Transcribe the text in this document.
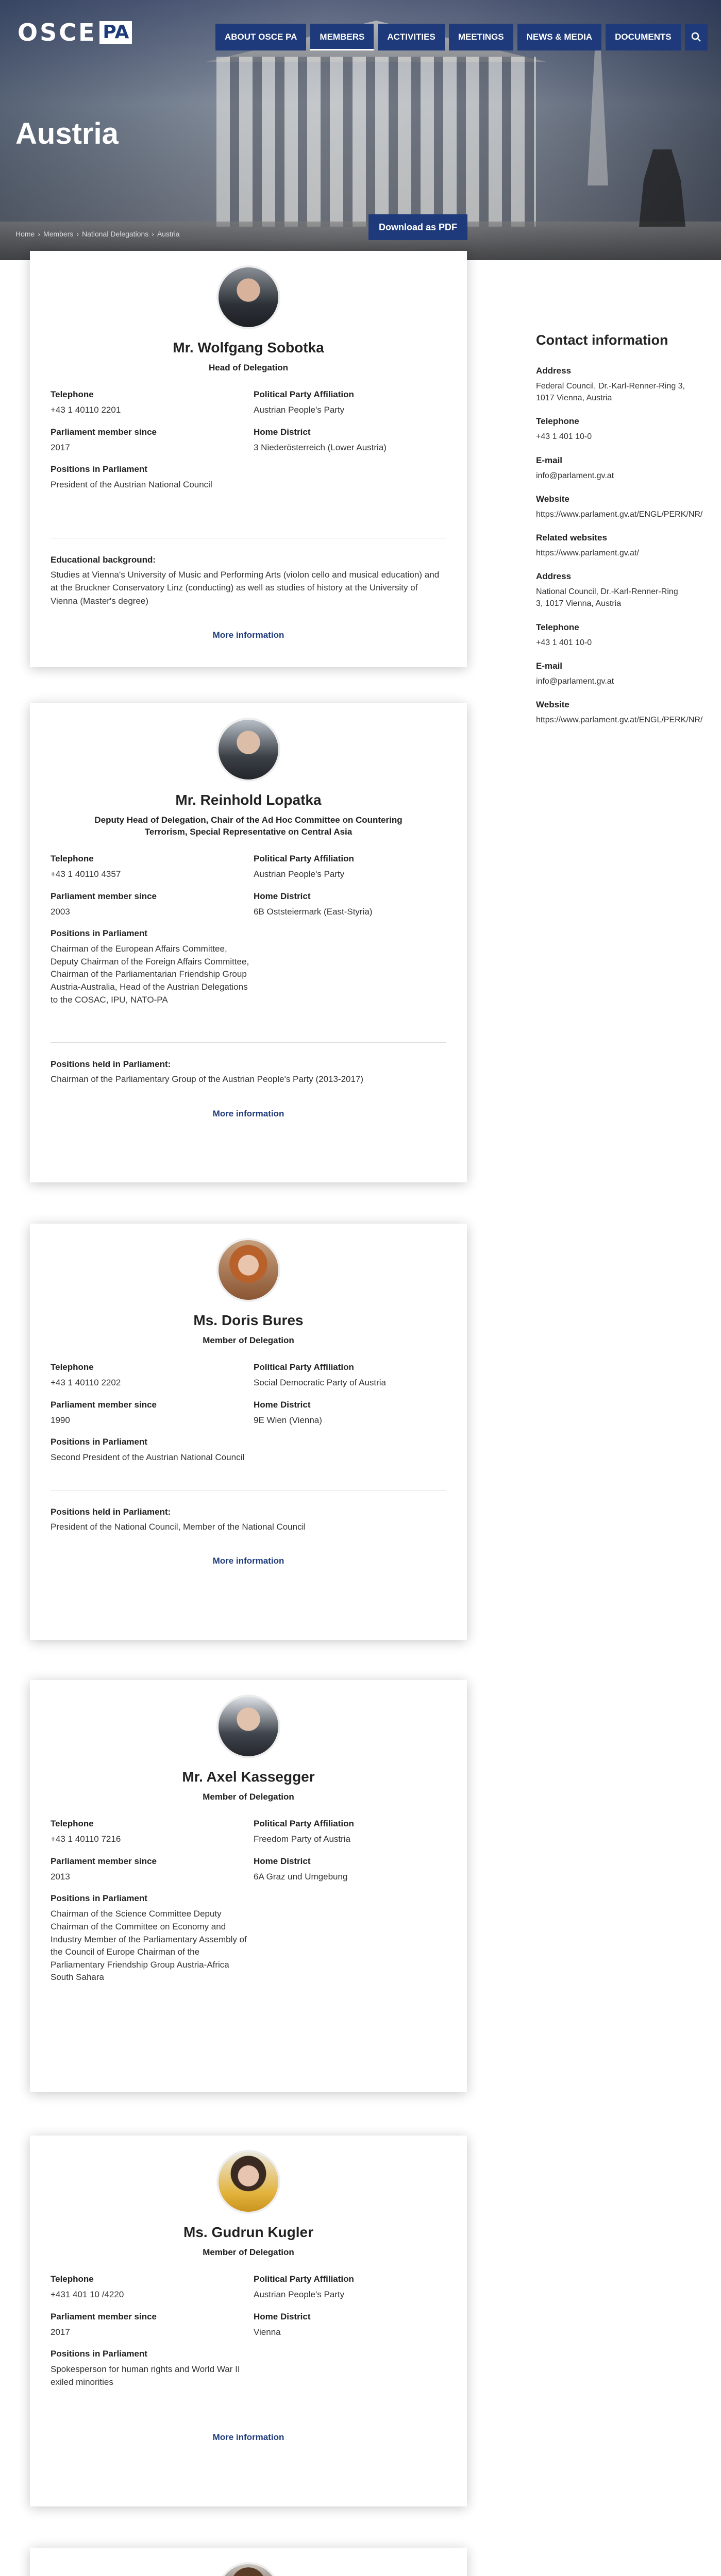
OSCE PA	ABOUT OSCE PA	MEMBERS	ACTIVITIES	MEETINGS	NEWS & MEDIA	DOCUMENTS
Austria
Home › Members › National Delegations › Austria
Download as PDF
Mr. Wolfgang Sobotka
Head of Delegation
Telephone
+43 1 40110 2201
Political Party Affiliation
Austrian People's Party
Parliament member since
2017
Home District
3 Niederösterreich (Lower Austria)
Positions in Parliament
President of the Austrian National Council
Educational background:
Studies at Vienna's University of Music and Performing Arts (violon cello and musical education) and at the Bruckner Conservatory Linz (conducting) as well as studies of history at the University of Vienna (Master's degree)
More information
Mr. Reinhold Lopatka
Deputy Head of Delegation, Chair of the Ad Hoc Committee on Countering Terrorism, Special Representative on Central Asia
Telephone
+43 1 40110 4357
Political Party Affiliation
Austrian People's Party
Parliament member since
2003
Home District
6B Oststeiermark (East-Styria)
Positions in Parliament
Chairman of the European Affairs Committee, Deputy Chairman of the Foreign Affairs Committee, Chairman of the Parliamentarian Friendship Group Austria-Australia, Head of the Austrian Delegations to the COSAC, IPU, NATO-PA
Positions held in Parliament:
Chairman of the Parliamentary Group of the Austrian People's Party (2013-2017)
More information
Ms. Doris Bures
Member of Delegation
Telephone
+43 1 40110 2202
Political Party Affiliation
Social Democratic Party of Austria
Parliament member since
1990
Home District
9E Wien (Vienna)
Positions in Parliament
Second President of the Austrian National Council
Positions held in Parliament:
President of the National Council, Member of the National Council
More information
Mr. Axel Kassegger
Member of Delegation
Telephone
+43 1 40110 7216
Political Party Affiliation
Freedom Party of Austria
Parliament member since
2013
Home District
6A Graz und Umgebung
Positions in Parliament
Chairman of the Science Committee Deputy Chairman of the Committee on Economy and Industry Member of the Parliamentary Assembly of the Council of Europe Chairman of the Parliamentary Friendship Group Austria-Africa South Sahara
Ms. Gudrun Kugler
Member of Delegation
Telephone
+431 401 10 /4220
Political Party Affiliation
Austrian People's Party
Parliament member since
2017
Home District
Vienna
Positions in Parliament
Spokesperson for human rights and World War II exiled minorities
More information
Contact information
Address
Federal Council, Dr.-Karl-Renner-Ring 3, 1017 Vienna, Austria
Telephone
+43 1 401 10-0
E-mail
info@parlament.gv.at
Website
https://www.parlament.gv.at/ENGL/PERK/NR/
Related websites
https://www.parlament.gv.at/
Address
National Council, Dr.-Karl-Renner-Ring 3, 1017 Vienna, Austria
Telephone
+43 1 401 10-0
E-mail
info@parlament.gv.at
Website
https://www.parlament.gv.at/ENGL/PERK/NR/
